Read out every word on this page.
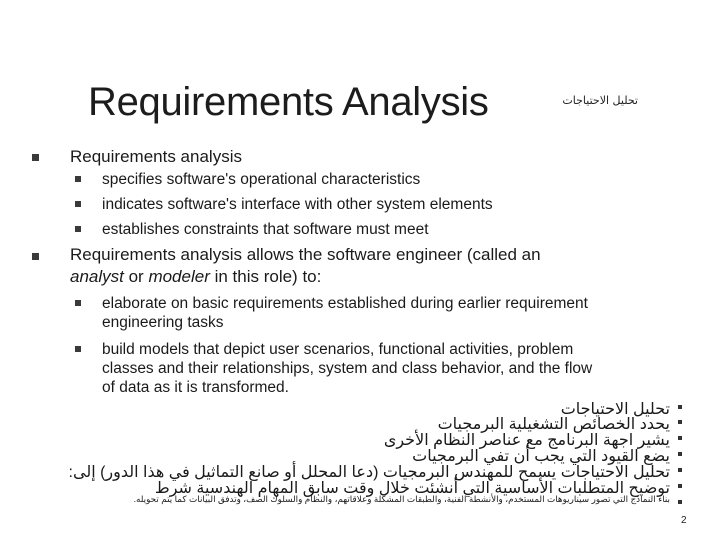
Requirements Analysis	تحليل الاحتياجات
Requirements analysis
specifies software's operational characteristics
indicates software's interface with other system elements
establishes constraints that software must meet
Requirements analysis allows the software engineer (called an
analyst or modeler in this role) to:
elaborate on basic requirements established during earlier requirement
engineering tasks
build models that depict user scenarios, functional activities, problem
classes and their relationships, system and class behavior, and the flow
of data as it is transformed.
تحليل الاحتياجات
يحدد الخصائص التشغيلية البرمجيات
يشير اجهة البرنامج مع عناصر النظام الأخرى
يضع القيود التي يجب أن تفي البرمجيات
تحليل الاحتياجات يسمح للمهندس البرمجيات (دعا المحلل أو صانع التماثيل في هذا الدور) إلى:
توضيح المتطلبات الأساسية التي أنشئت خلال وقت سابق المهام الهندسية شرط
بناء النماذج التي تصور سيناريوهات المستخدم، والأنشطة الفنية، والطبقات المشكلة وعلاقاتهم، والنظام والسلوك الصف، وتدفق البيانات كما يتم تحويله.
2
